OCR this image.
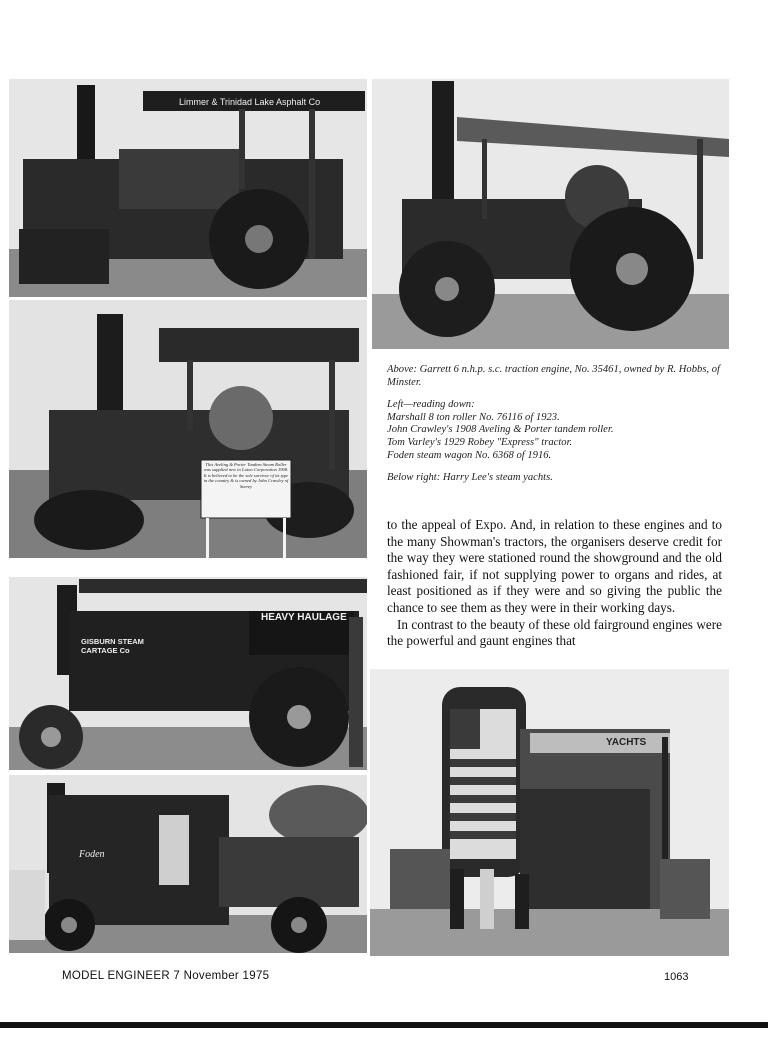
Limmer & Trinidad Lake Asphalt Co
This Aveling & Porter Tandem Steam Roller was supplied new to Luton Corporation 1908. It is believed to be the sole survivor of its type in the country & is owned by John Crawley of Surrey
HEAVY HAULAGE
GISBURN STEAM CARTAGE Co
Foden
YACHTS

Above: Garrett 6 n.h.p. s.c. traction engine, No. 35461, owned by R. Hobbs, of Minster.

Left—reading down:
Marshall 8 ton roller No. 76116 of 1923.
John Crawley's 1908 Aveling & Porter tandem roller.
Tom Varley's 1929 Robey "Express" tractor.
Foden steam wagon No. 6368 of 1916.

Below right: Harry Lee's steam yachts.

to the appeal of Expo. And, in relation to these engines and to the many Showman's tractors, the organisers deserve credit for the way they were stationed round the showground and the old fashioned fair, if not supplying power to organs and rides, at least positioned as if they were and so giving the public the chance to see them as they were in their working days.

In contrast to the beauty of these old fairground engines were the powerful and gaunt engines that

MODEL ENGINEER 7 November 1975	1063
